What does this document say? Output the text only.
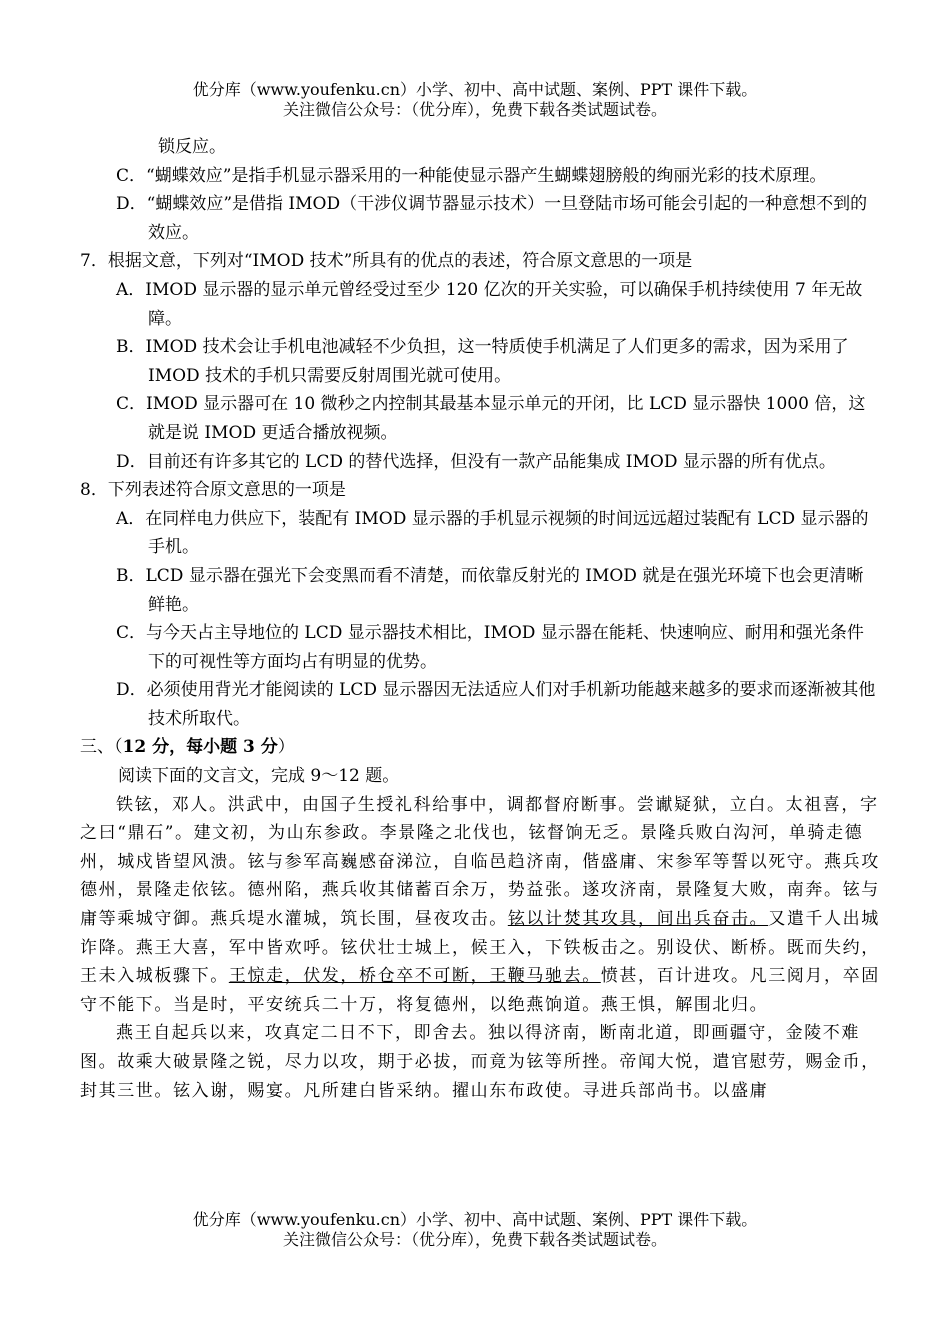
优分库（www.youfenku.cn）小学、初中、高中试题、案例、PPT 课件下载。
关注微信公众号：（优分库），免费下载各类试题试卷。

锁反应。

C．“蝴蝶效应”是指手机显示器采用的一种能使显示器产生蝴蝶翅膀般的绚丽光彩的技术原理。

D．“蝴蝶效应”是借指 IMOD（干涉仪调节器显示技术）一旦登陆市场可能会引起的一种意想不到的效应。

7．根据文意，下列对“IMOD 技术”所具有的优点的表述，符合原文意思的一项是

A．IMOD 显示器的显示单元曾经受过至少 120 亿次的开关实验，可以确保手机持续使用 7 年无故障。

B．IMOD 技术会让手机电池减轻不少负担，这一特质使手机满足了人们更多的需求，因为采用了 IMOD 技术的手机只需要反射周围光就可使用。

C．IMOD 显示器可在 10 微秒之内控制其最基本显示单元的开闭，比 LCD 显示器快 1000 倍，这就是说 IMOD 更适合播放视频。

D．目前还有许多其它的 LCD 的替代选择，但没有一款产品能集成 IMOD 显示器的所有优点。

8．下列表述符合原文意思的一项是

A．在同样电力供应下，装配有 IMOD 显示器的手机显示视频的时间远远超过装配有 LCD 显示器的手机。

B．LCD 显示器在强光下会变黑而看不清楚，而依靠反射光的 IMOD 就是在强光环境下也会更清晰鲜艳。

C．与今天占主导地位的 LCD 显示器技术相比，IMOD 显示器在能耗、快速响应、耐用和强光条件下的可视性等方面均占有明显的优势。

D．必须使用背光才能阅读的 LCD 显示器因无法适应人们对手机新功能越来越多的要求而逐渐被其他技术所取代。

三、（12 分，每小题 3 分）

阅读下面的文言文，完成 9～12 题。

铁铉，邓人。洪武中，由国子生授礼科给事中，调都督府断事。尝谳疑狱，立白。太祖喜，字之曰“鼎石”。建文初，为山东参政。李景隆之北伐也，铉督饷无乏。景隆兵败白沟河，单骑走德州，城戍皆望风溃。铉与参军高巍感奋涕泣，自临邑趋济南，偕盛庸、宋参军等誓以死守。燕兵攻德州，景隆走依铉。德州陷，燕兵收其储蓄百余万，势益张。遂攻济南，景隆复大败，南奔。铉与庸等乘城守御。燕兵堤水灌城，筑长围，昼夜攻击。铉以计焚其攻具，间出兵奋击。又遣千人出城诈降。燕王大喜，军中皆欢呼。铉伏壮士城上，候王入，下铁板击之。别设伏、断桥。既而失约，王未入城板骤下。王惊走，伏发，桥仓卒不可断，王鞭马驰去。愤甚，百计进攻。凡三阅月，卒固守不能下。当是时，平安统兵二十万，将复德州，以绝燕饷道。燕王惧，解围北归。

燕王自起兵以来，攻真定二日不下，即舍去。独以得济南，断南北道，即画疆守，金陵不难图。故乘大破景隆之锐，尽力以攻，期于必拔，而竟为铉等所挫。帝闻大悦，遣官慰劳，赐金币，封其三世。铉入谢，赐宴。凡所建白皆采纳。擢山东布政使。寻进兵部尚书。以盛庸

优分库（www.youfenku.cn）小学、初中、高中试题、案例、PPT 课件下载。
关注微信公众号：（优分库），免费下载各类试题试卷。
